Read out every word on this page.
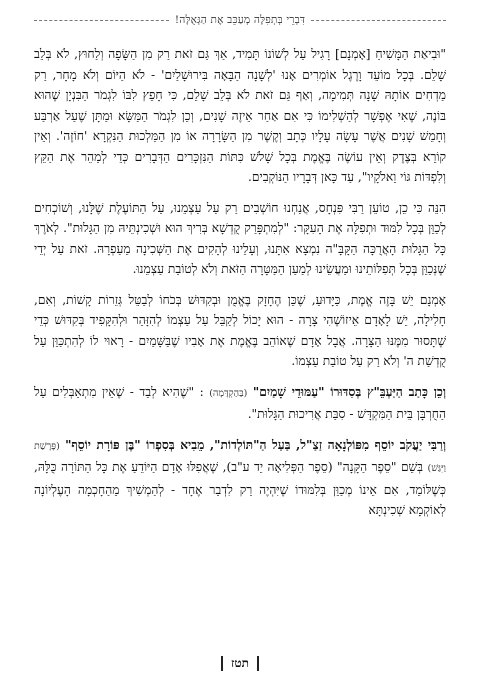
דִּבְרֵי בְּתְפִלָּה מְעַכֵּב אֶת הַגְּאֻלָּה!

"וּבִיאַת הַמָּשִׁיחַ [אָמְנָם] רָגִיל עַל לְשׁוֹנוֹ תָּמִיד, אַךְ גַּם זֹאת רַק מִן הַשָּׂפָה וְלַחוּץ, לֹא בְּלֵב שָׁלֵם. בְּכָל מוֹעֵד וָרֶגֶל אוֹמְרִים אָנוּ 'לְשָׁנָה הַבָּאָה בִּירוּשָׁלַיִם' - לֹא הַיּוֹם וְלֹא מָחָר, רַק מַדְחִים אוֹתָהּ שָׁנָה תְּמִימָה, וְאַף גַּם זֹאת לֹא בְּלֵב שָׁלֵם, כִּי חָפֵץ לִבּוֹ לִגְמֹר הַבִּנְיָן שֶׁהוּא בּוֹנֶה, שֶׁאִי אֶפְשָׁר לְהַשְׁלִימוֹ כִּי אִם אַחַר אֵיזֶה שָׁנִים, וְכֵן לִגְמֹר הַמַּשָּׂא וּמַתָּן שֶׁעַל אַרְבַּע וְחָמֵשׁ שָׁנִים אֲשֶׁר עָשָׂה עָלָיו כְּתָב וְקֶשֶׁר מִן הַשָּׂרָרָה אוֹ מִן הַמַּלְכוּת הַנִּקְרָא 'חוֹזֶה'. וְאֵין קוֹרֵא בְּצֶדֶק וְאֵין עוֹשֶׂה בֶּאֱמֶת בְּכָל שָׁלֹשׁ כִּתּוֹת הַנִּזְכָּרִים הַדְּבָרִים כְּדֵי לְמַהֵר אֶת הַקֵּץ וְלִפְדּוֹת גּוֹי וֵאלֹקָיו", עַד כָּאן דְּבָרָיו הַנּוֹקְבִים.

הִנֵּה כִּי כֵן, טוֹעֵן רַבִּי פִּנְחָס, אֲנַחְנוּ חוֹשְׁבִים רַק עַל עַצְמֵנוּ, עַל הַתּוֹעֶלֶת שֶׁלָּנוּ, וְשׁוֹכְחִים לְכַוֵּן בְּכָל לִמּוּד וּתְפִלָּה אֶת הָעִקָּר: "לְמִתְפָּרַק קֻדְשָׁא בְּרִיךְ הוּא וּשְׁכִינְתֵּיהּ מִן הַגָּלוּת". לְאֹרֶךְ כָּל הַגָּלוּת הָאֲרֻכָּה הַקָּבָּ"ה נִמְצָא אִתָּנוּ, וְעָלֵינוּ לְהָקִים אֶת הַשְּׁכִינָה מֵעַפְרָהּ. זֹאת עַל יְדֵי שֶׁנְּכַוֵּן בְּכָל תְּפִלּוֹתֵינוּ וּמַעֲשֵׂינוּ לְמַעַן הַמַּטָּרָה הַזֹּאת וְלֹא לְטוֹבַת עַצְמֵנוּ.

אָמְנָם יֵשׁ בָּזֶה אֱמֶת, כַּיָּדוּעַ, שֶׁכֵּן הֶחָזָק בֶּאֱמֻן וּבְקִדּוּשׁ בְּכֹחוֹ לְבַטֵּל גְּזֵרוֹת קָשׁוֹת, וְאִם, חָלִילָה, יֵשׁ לָאָדָם אֵיזוֹשֶׁהִי צָרָה - הוּא יָכוֹל לְקַבֵּל עַל עַצְמוֹ לְהִזָּהֵר וּלְהִקָּפִיד בְּקִדּוּשׁ כְּדֵי שֶׁתָּסוּר מִמֶּנּוּ הַצָּרָה. אֲבָל אָדָם שֶׁאוֹהֵב בֶּאֱמֶת אֶת אָבִיו שֶׁבַּשָּׁמַיִם - רָאוּי לוֹ לְהִתְכַּוֵּן עַל קֻדְשַׁת ה' וְלֹא רַק עַל טוֹבַת עַצְמוֹ.

וְכֵן כָּתַב הַיַּעְבֵּ"ץ בְּסִדּוּרוֹ "עַמּוּדֵי שָׁמַיִם" (בַּהַקְדָּמָה) : "שֶׁהִיא לְבַד - שֶׁאֵין מִתְאַבְּלִים עַל הַחֻרְבָּן בֵּית הַמִּקְדָּשׁ - סִבַּת אֲרִיכוּת הַגָּלוּת".

וְרַבִּי יַעֲקֹב יוֹסֵף מִפּוֹלְנָאָה זַצַ"ל, בַּעַל הַ"תּוֹלְדוֹת", מֵבִיא בְּסִפְרוֹ "בֶּן פּוֹרָת יוֹסֵף" (פָּרָשַׁת וַיִּגַּשׁ) בְּשֵׁם "סֵפֶר הַקָּנָה" (סֵפֶר הַפְּלִיאָה יֵד ע"ב), שֶׁאֲפִלּוּ אָדָם הַיּוֹדֵעַ אֶת כָּל הַתּוֹרָה כֻּלָּהּ, כְּשֶׁלּוֹמֵד, אִם אֵינוֹ מְכַוֵּן בְּלִמּוּדוֹ שֶׁיִּהְיֶה רַק לִדְבַר אֶחָד - לְהַמְשִׁיךְ מֵהַחָכְמָה הָעֶלְיוֹנָה לְאוֹקְמָא שְׁכִינְתָּא

תטז
